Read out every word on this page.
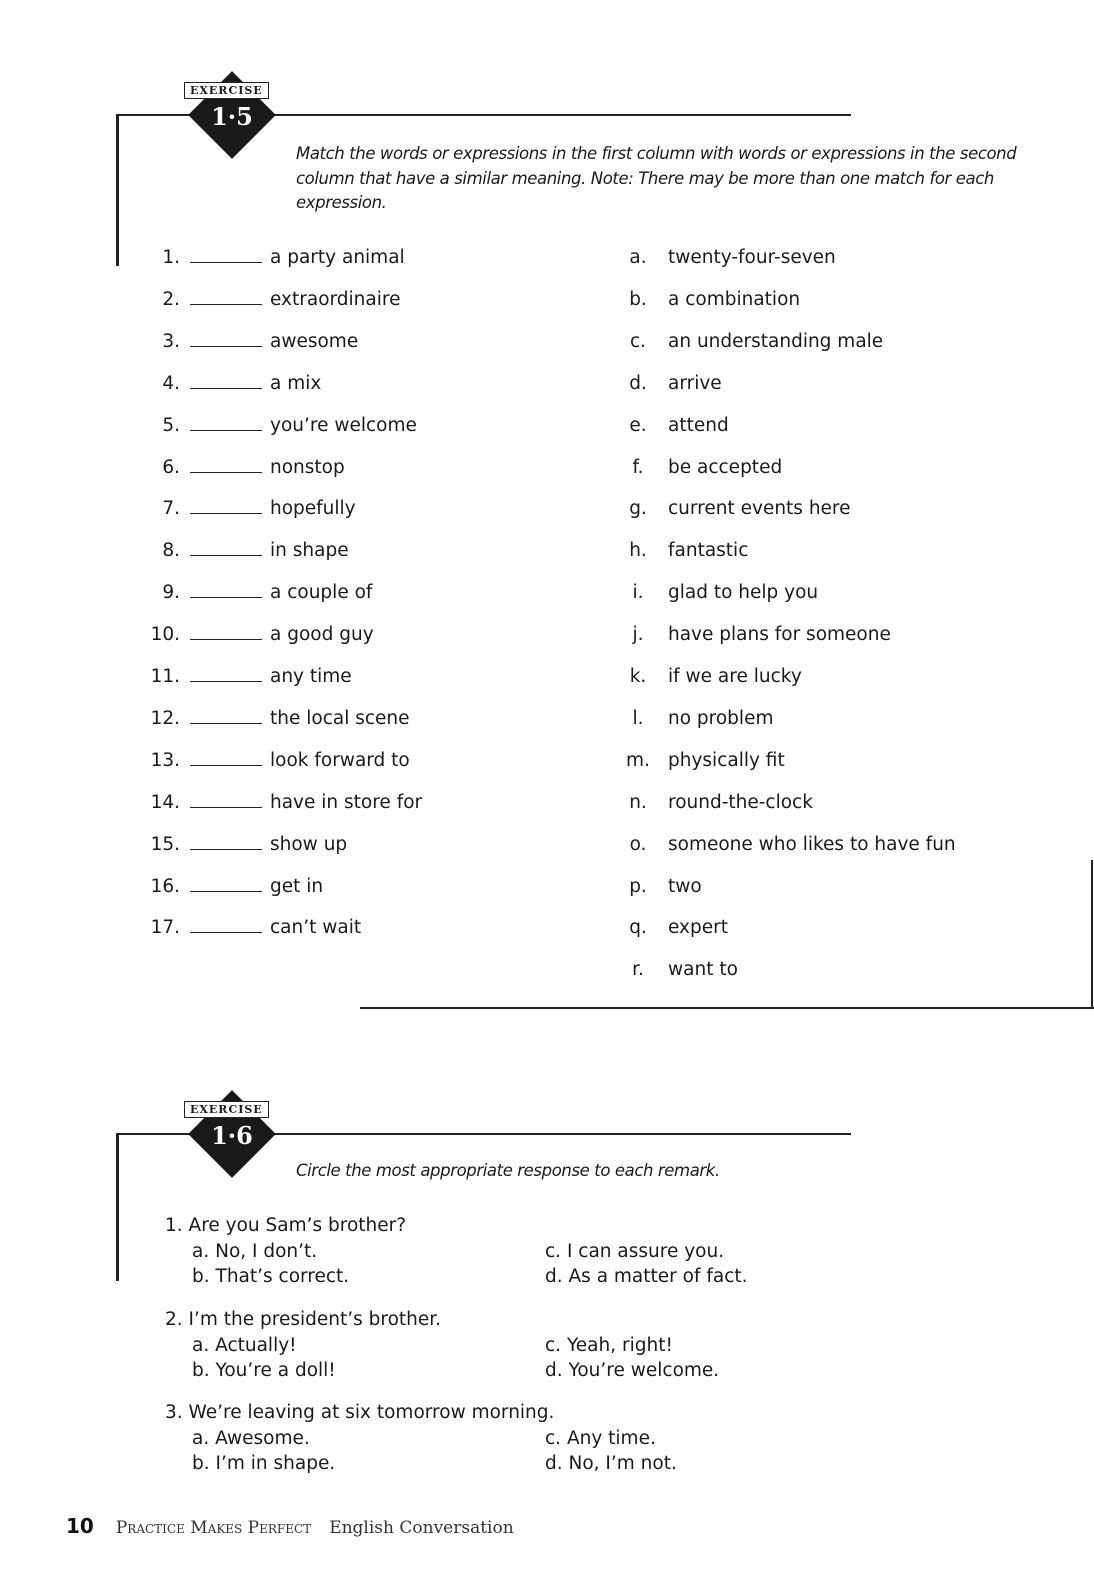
EXERCISE
1·5
Match the words or expressions in the first column with words or expressions in the second column that have a similar meaning. Note: There may be more than one match for each expression.
1.	a party animal
2.	extraordinaire
3.	awesome
4.	a mix
5.	you’re welcome
6.	nonstop
7.	hopefully
8.	in shape
9.	a couple of
10.	a good guy
11.	any time
12.	the local scene
13.	look forward to
14.	have in store for
15.	show up
16.	get in
17.	can’t wait
a.	twenty-four-seven
b.	a combination
c.	an understanding male
d.	arrive
e.	attend
f.	be accepted
g.	current events here
h.	fantastic
i.	glad to help you
j.	have plans for someone
k.	if we are lucky
l.	no problem
m. physically fit
n.	round-the-clock
o.	someone who likes to have fun
p.	two
q.	expert
r.	want to
EXERCISE
1·6
Circle the most appropriate response to each remark.
1. Are you Sam’s brother?
a. No, I don’t.
b. That’s correct.
c. I can assure you.
d. As a matter of fact.
2. I’m the president’s brother.
a. Actually!
b. You’re a doll!
c. Yeah, right!
d. You’re welcome.
3. We’re leaving at six tomorrow morning.
a. Awesome.
b. I’m in shape.
c. Any time.
d. No, I’m not.
10 Practice Makes Perfect English Conversation
